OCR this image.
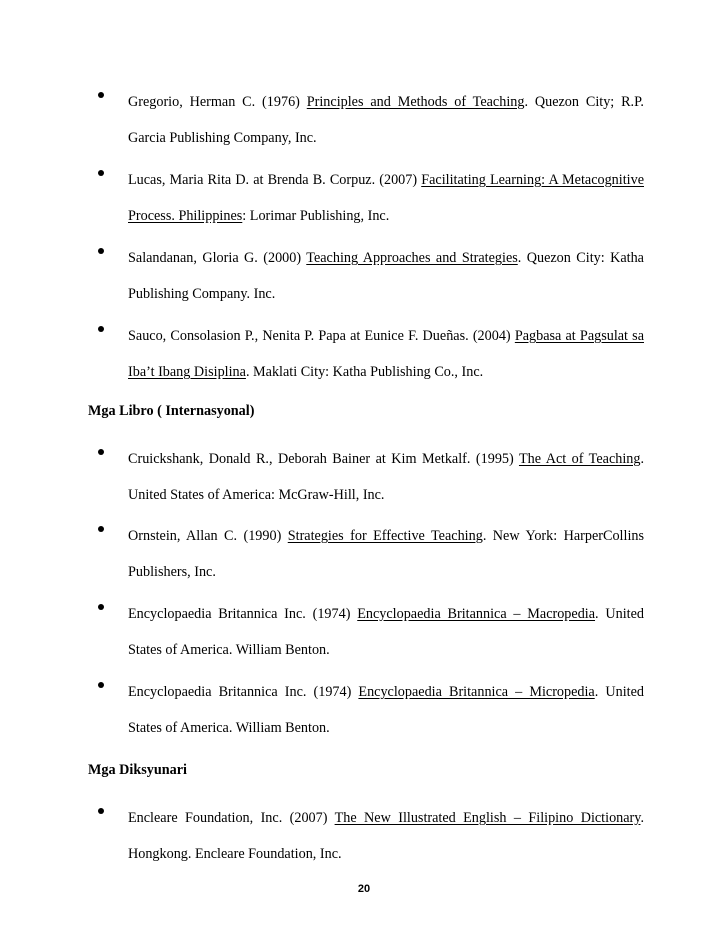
Gregorio, Herman C. (1976) Principles and Methods of Teaching. Quezon City; R.P. Garcia Publishing Company, Inc.
Lucas, Maria Rita D. at Brenda B. Corpuz. (2007) Facilitating Learning: A Metacognitive Process. Philippines: Lorimar Publishing, Inc.
Salandanan, Gloria G. (2000) Teaching Approaches and Strategies. Quezon City: Katha Publishing Company. Inc.
Sauco, Consolasion P., Nenita P. Papa at Eunice F. Dueñas. (2004) Pagbasa at Pagsulat sa Iba’t Ibang Disiplina. Maklati City: Katha Publishing Co., Inc.
Mga Libro ( Internasyonal)
Cruickshank, Donald R., Deborah Bainer at Kim Metkalf. (1995) The Act of Teaching. United States of America: McGraw-Hill, Inc.
Ornstein, Allan C. (1990) Strategies for Effective Teaching. New York: HarperCollins Publishers, Inc.
Encyclopaedia Britannica Inc. (1974) Encyclopaedia Britannica – Macropedia. United States of America. William Benton.
Encyclopaedia Britannica Inc. (1974) Encyclopaedia Britannica – Micropedia. United States of America. William Benton.
Mga Diksyunari
Encleare Foundation, Inc. (2007) The New Illustrated English – Filipino Dictionary. Hongkong. Encleare Foundation, Inc.
20
